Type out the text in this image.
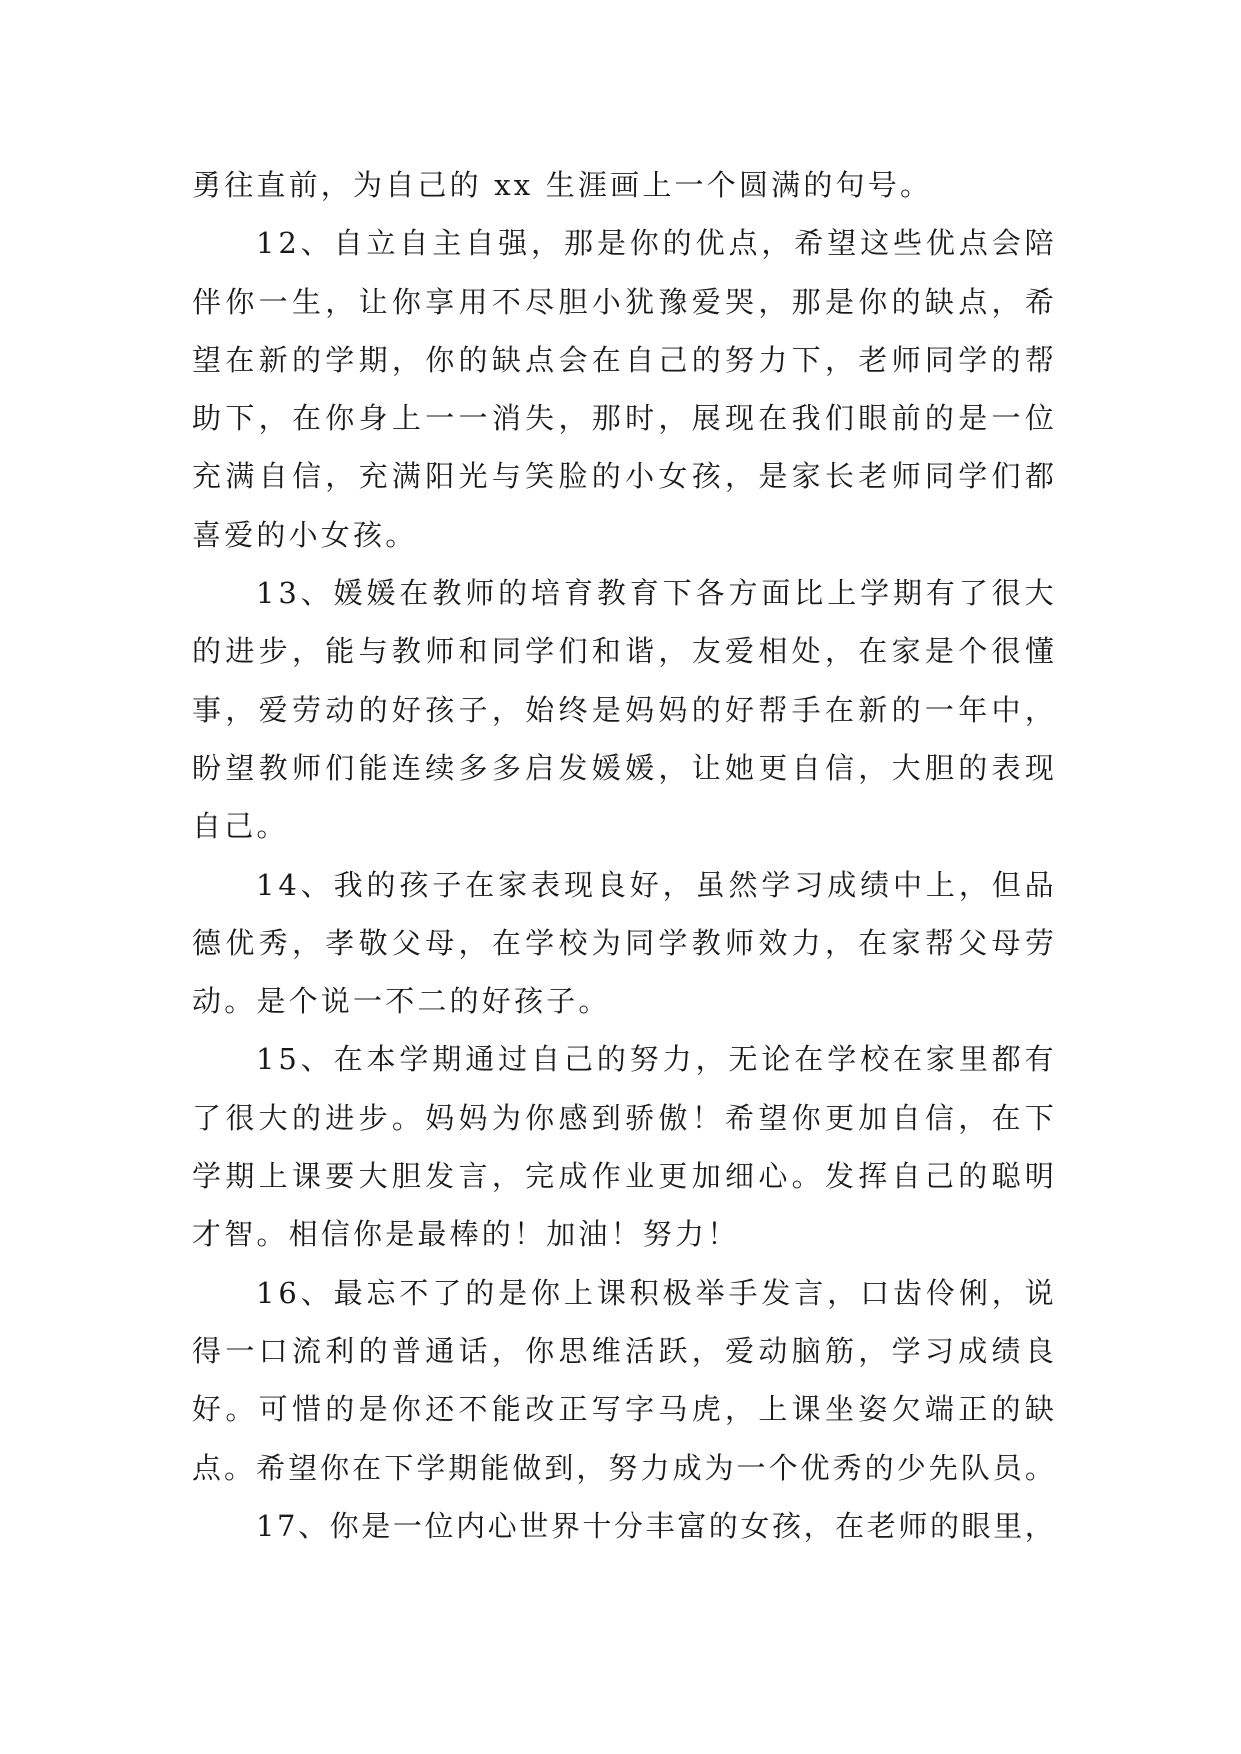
勇往直前，为自己的 xx 生涯画上一个圆满的句号。
1 2 、 自 立 自 主 自 强 ， 那 是 你 的 优 点 ， 希 望 这 些 优 点 会 陪
伴 你 一 生 ， 让 你 享 用 不 尽 胆 小 犹 豫 爱 哭 ， 那 是 你 的 缺 点 ， 希
望 在 新 的 学 期 ， 你 的 缺 点 会 在 自 己 的 努 力 下 ， 老 师 同 学 的 帮
助 下 ， 在 你 身 上 一 一 消 失 ， 那 时 ， 展 现 在 我 们 眼 前 的 是 一 位
充 满 自 信 ， 充 满 阳 光 与 笑 脸 的 小 女 孩 ， 是 家 长 老 师 同 学 们 都
喜爱的小女孩。
1 3 、 媛 媛 在 教 师 的 培 育 教 育 下 各 方 面 比 上 学 期 有 了 很 大
的 进 步 ， 能 与 教 师 和 同 学 们 和 谐 ， 友 爱 相 处 ， 在 家 是 个 很 懂
事 ， 爱 劳 动 的 好 孩 子 ， 始 终 是 妈 妈 的 好 帮 手 在 新 的 一 年 中 ，
盼 望 教 师 们 能 连 续 多 多 启 发 媛 媛 ， 让 她 更 自 信 ， 大 胆 的 表 现
自己。
1 4 、 我 的 孩 子 在 家 表 现 良 好 ， 虽 然 学 习 成 绩 中 上 ， 但 品
德 优 秀 ， 孝 敬 父 母 ， 在 学 校 为 同 学 教 师 效 力 ， 在 家 帮 父 母 劳
动。是个说一不二的好孩子。
1 5 、 在 本 学 期 通 过 自 己 的 努 力 ， 无 论 在 学 校 在 家 里 都 有
了 很 大 的 进 步 。 妈 妈 为 你 感 到 骄 傲 ！ 希 望 你 更 加 自 信 ， 在 下
学 期 上 课 要 大 胆 发 言 ， 完 成 作 业 更 加 细 心 。 发 挥 自 己 的 聪 明
才智。相信你是最棒的！加油！努力！
1 6 、 最 忘 不 了 的 是 你 上 课 积 极 举 手 发 言 ， 口 齿 伶 俐 ， 说
得 一 口 流 利 的 普 通 话 ， 你 思 维 活 跃 ， 爱 动 脑 筋 ， 学 习 成 绩 良
好 。 可 惜 的 是 你 还 不 能 改 正 写 字 马 虎 ， 上 课 坐 姿 欠 端 正 的 缺
点 。 希 望 你 在 下 学 期 能 做 到 ， 努 力 成 为 一 个 优 秀 的 少 先 队 员 。
1 7 、 你 是 一 位 内 心 世 界 十 分 丰 富 的 女 孩 ， 在 老 师 的 眼 里 ，
